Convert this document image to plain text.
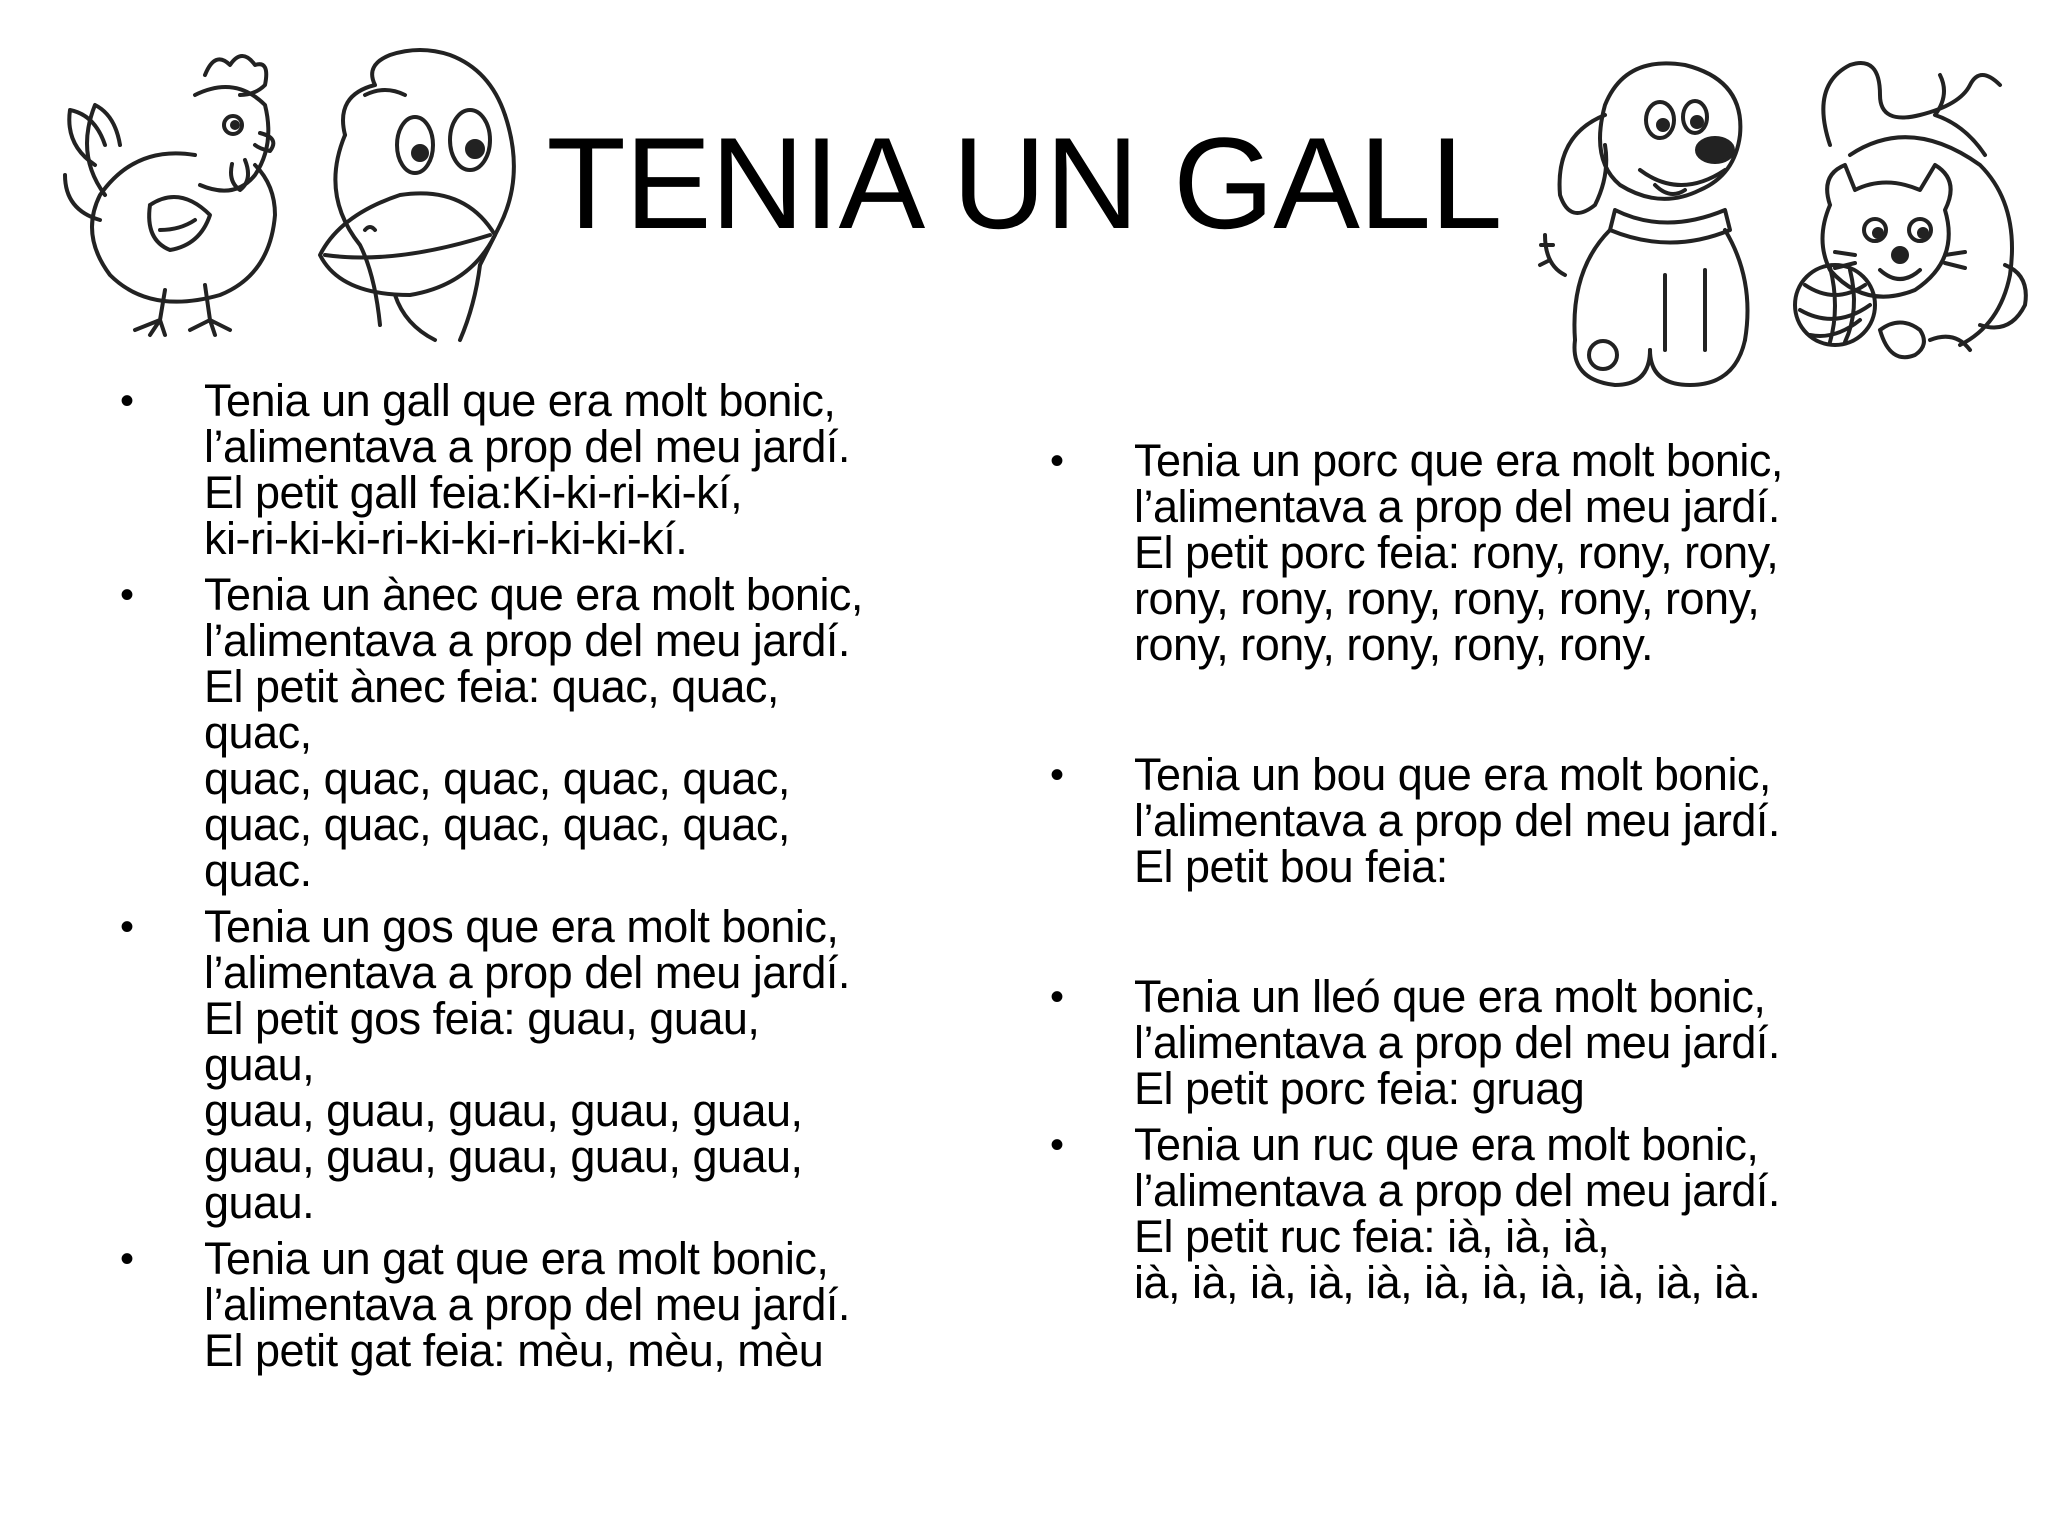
TENIA UN GALL
• Tenia un gall que era molt bonic,
l’alimentava a prop del meu jardí.
El petit gall feia:Ki-ki-ri-ki-kí,
ki-ri-ki-ki-ri-ki-ki-ri-ki-ki-kí.
• Tenia un ànec que era molt bonic,
l’alimentava a prop del meu jardí.
El petit ànec feia: quac, quac,
quac,
quac, quac, quac, quac, quac,
quac, quac, quac, quac, quac,
quac.
• Tenia un gos que era molt bonic,
l’alimentava a prop del meu jardí.
El petit gos feia: guau, guau,
guau,
guau, guau, guau, guau, guau,
guau, guau, guau, guau, guau,
guau.
• Tenia un gat que era molt bonic,
l’alimentava a prop del meu jardí.
El petit gat feia: mèu, mèu, mèu
• Tenia un porc que era molt bonic,
l’alimentava a prop del meu jardí.
El petit porc feia: rony, rony, rony,
rony, rony, rony, rony, rony, rony,
rony, rony, rony, rony, rony.
• Tenia un bou que era molt bonic,
l’alimentava a prop del meu jardí.
El petit bou feia:
• Tenia un lleó que era molt bonic,
l’alimentava a prop del meu jardí.
El petit porc feia: gruag
• Tenia un ruc que era molt bonic,
l’alimentava a prop del meu jardí.
El petit ruc feia: ià, ià, ià,
ià, ià, ià, ià, ià, ià, ià, ià, ià, ià, ià.
